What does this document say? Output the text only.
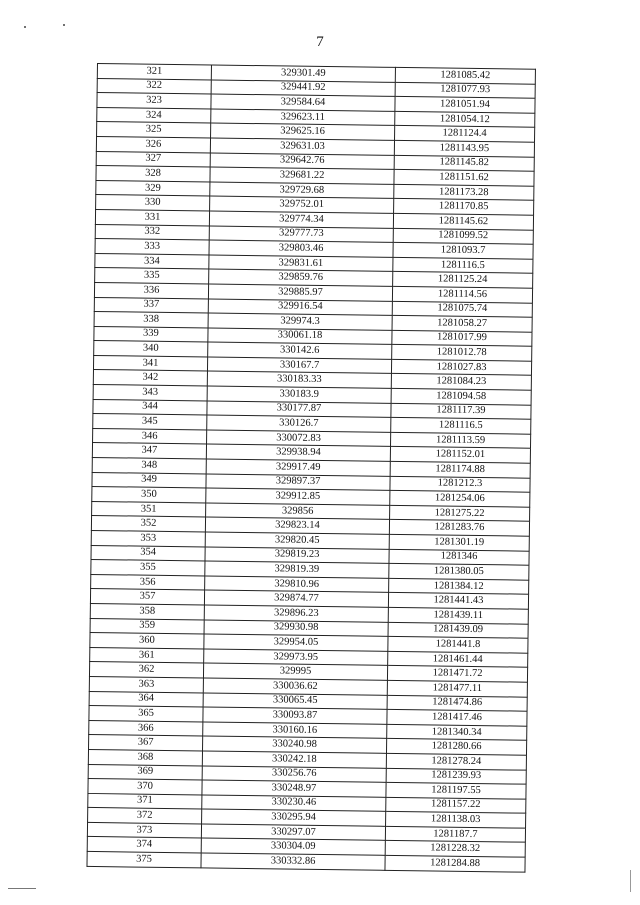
7
321	329301.49	1281085.42
322	329441.92	1281077.93
323	329584.64	1281051.94
324	329623.11	1281054.12
325	329625.16	1281124.4
326	329631.03	1281143.95
327	329642.76	1281145.82
328	329681.22	1281151.62
329	329729.68	1281173.28
330	329752.01	1281170.85
331	329774.34	1281145.62
332	329777.73	1281099.52
333	329803.46	1281093.7
334	329831.61	1281116.5
335	329859.76	1281125.24
336	329885.97	1281114.56
337	329916.54	1281075.74
338	329974.3	1281058.27
339	330061.18	1281017.99
340	330142.6	1281012.78
341	330167.7	1281027.83
342	330183.33	1281084.23
343	330183.9	1281094.58
344	330177.87	1281117.39
345	330126.7	1281116.5
346	330072.83	1281113.59
347	329938.94	1281152.01
348	329917.49	1281174.88
349	329897.37	1281212.3
350	329912.85	1281254.06
351	329856	1281275.22
352	329823.14	1281283.76
353	329820.45	1281301.19
354	329819.23	1281346
355	329819.39	1281380.05
356	329810.96	1281384.12
357	329874.77	1281441.43
358	329896.23	1281439.11
359	329930.98	1281439.09
360	329954.05	1281441.8
361	329973.95	1281461.44
362	329995	1281471.72
363	330036.62	1281477.11
364	330065.45	1281474.86
365	330093.87	1281417.46
366	330160.16	1281340.34
367	330240.98	1281280.66
368	330242.18	1281278.24
369	330256.76	1281239.93
370	330248.97	1281197.55
371	330230.46	1281157.22
372	330295.94	1281138.03
373	330297.07	1281187.7
374	330304.09	1281228.32
375	330332.86	1281284.88
